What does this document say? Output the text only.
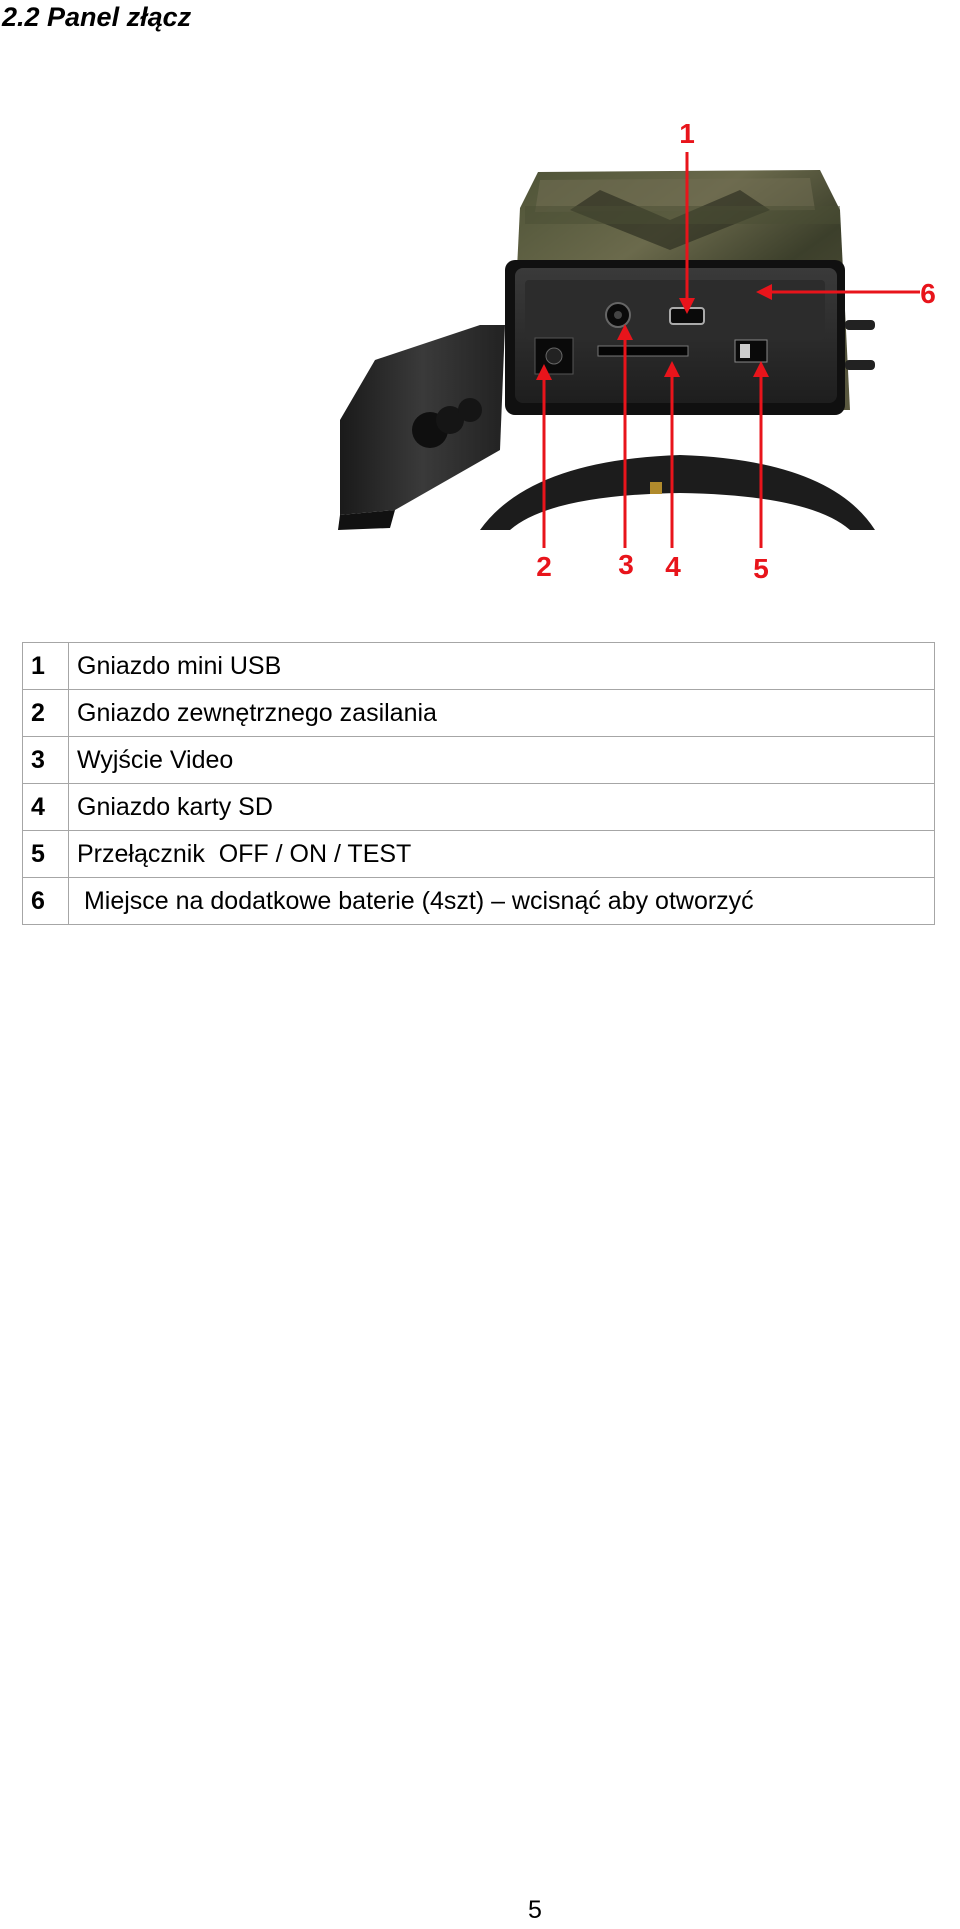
2.2 Panel złącz
1
6
2 3 4	5
1	Gniazdo mini USB
2	Gniazdo zewnętrznego zasilania
3	Wyjście Video
4	Gniazdo karty SD
5	Przełącznik  OFF / ON / TEST
6	Miejsce na dodatkowe baterie (4szt) – wcisnąć aby otworzyć
5
